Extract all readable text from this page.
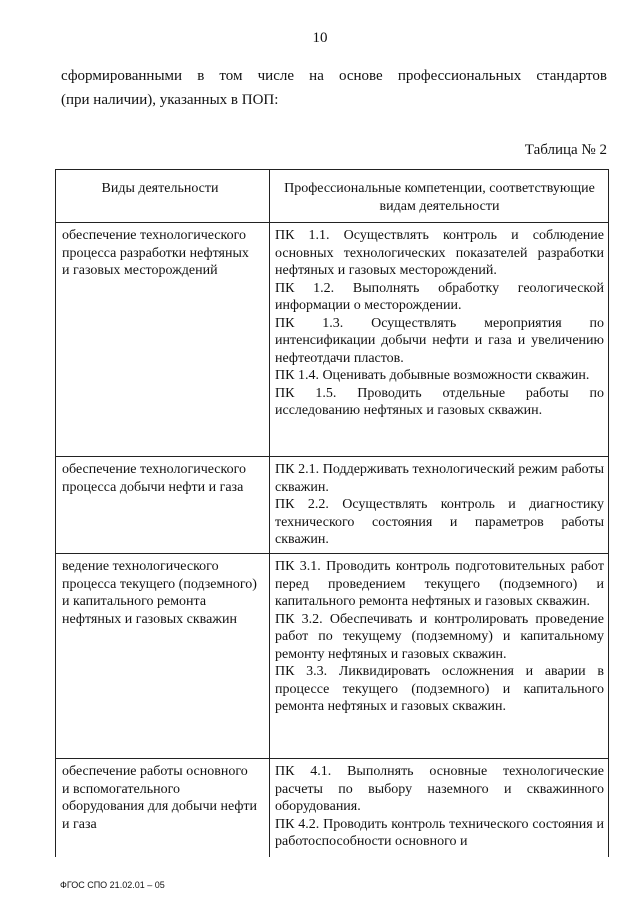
10
сформированными в том числе на основе профессиональных стандартов
(при наличии), указанных в ПОП:
Таблица № 2
Виды деятельности	Профессиональные компетенции, соответствующие видам деятельности
обеспечение технологического процесса разработки нефтяных и газовых месторождений

ПК 1.1. Осуществлять контроль и соблюдение основных технологических показателей разработки нефтяных и газовых месторождений.

ПК 1.2. Выполнять обработку геологической информации о месторождении.

ПК 1.3. Осуществлять мероприятия по интенсификации добычи нефти и газа и увеличению нефтеотдачи пластов.

ПК 1.4. Оценивать добывные возможности скважин.

ПК 1.5. Проводить отдельные работы по исследованию нефтяных и газовых скважин.

обеспечение технологического процесса добычи нефти и газа

ПК 2.1. Поддерживать технологический режим работы скважин.

ПК 2.2. Осуществлять контроль и диагностику технического состояния и параметров работы скважин.

ведение технологического процесса текущего (подземного) и капитального ремонта нефтяных и газовых скважин

ПК 3.1. Проводить контроль подготовительных работ перед проведением текущего (подземного) и капитального ремонта нефтяных и газовых скважин.

ПК 3.2. Обеспечивать и контролировать проведение работ по текущему (подземному) и капитальному ремонту нефтяных и газовых скважин.

ПК 3.3. Ликвидировать осложнения и аварии в процессе текущего (подземного) и капитального ремонта нефтяных и газовых скважин.

обеспечение работы основного и вспомогательного оборудования для добычи нефти и газа

ПК 4.1. Выполнять основные технологические расчеты по выбору наземного и скважинного оборудования.

ПК 4.2. Проводить контроль технического состояния и работоспособности основного и

ФГОС СПО 21.02.01 – 05
